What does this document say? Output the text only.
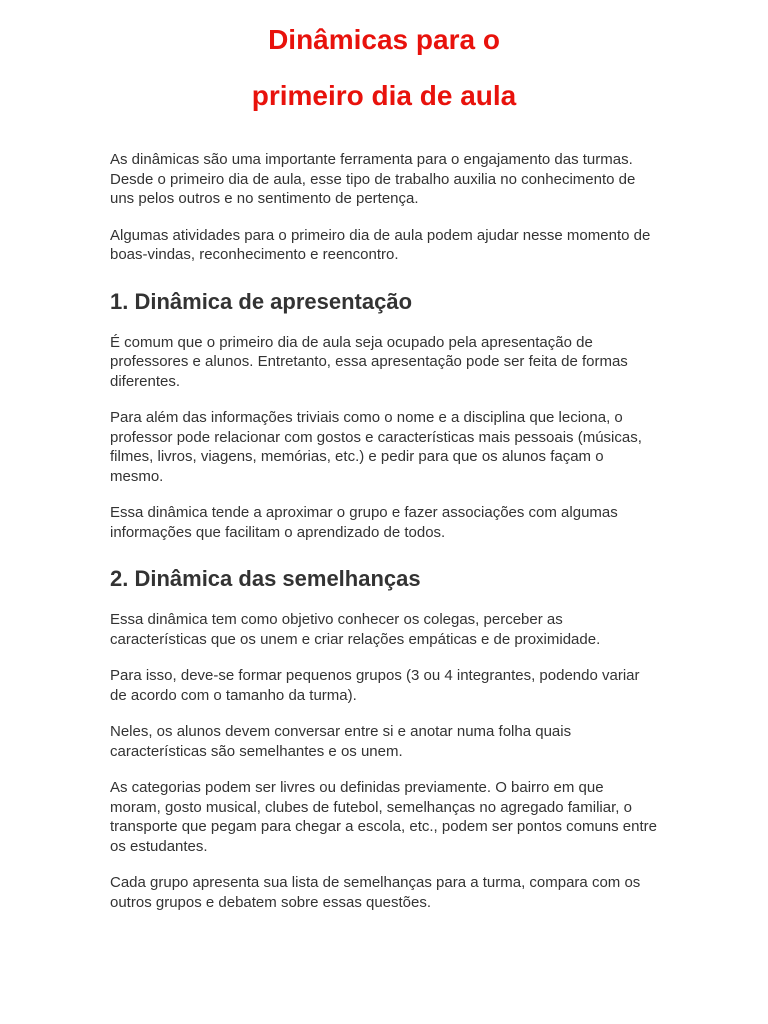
Dinâmicas para o
primeiro dia de aula

As dinâmicas são uma importante ferramenta para o engajamento das turmas. Desde o primeiro dia de aula, esse tipo de trabalho auxilia no conhecimento de uns pelos outros e no sentimento de pertença.

Algumas atividades para o primeiro dia de aula podem ajudar nesse momento de boas-vindas, reconhecimento e reencontro.

1. Dinâmica de apresentação

É comum que o primeiro dia de aula seja ocupado pela apresentação de professores e alunos. Entretanto, essa apresentação pode ser feita de formas diferentes.

Para além das informações triviais como o nome e a disciplina que leciona, o professor pode relacionar com gostos e características mais pessoais (músicas, filmes, livros, viagens, memórias, etc.) e pedir para que os alunos façam o mesmo.

Essa dinâmica tende a aproximar o grupo e fazer associações com algumas informações que facilitam o aprendizado de todos.

2. Dinâmica das semelhanças

Essa dinâmica tem como objetivo conhecer os colegas, perceber as características que os unem e criar relações empáticas e de proximidade.

Para isso, deve-se formar pequenos grupos (3 ou 4 integrantes, podendo variar de acordo com o tamanho da turma).

Neles, os alunos devem conversar entre si e anotar numa folha quais características são semelhantes e os unem.

As categorias podem ser livres ou definidas previamente. O bairro em que moram, gosto musical, clubes de futebol, semelhanças no agregado familiar, o transporte que pegam para chegar a escola, etc., podem ser pontos comuns entre os estudantes.

Cada grupo apresenta sua lista de semelhanças para a turma, compara com os outros grupos e debatem sobre essas questões.
